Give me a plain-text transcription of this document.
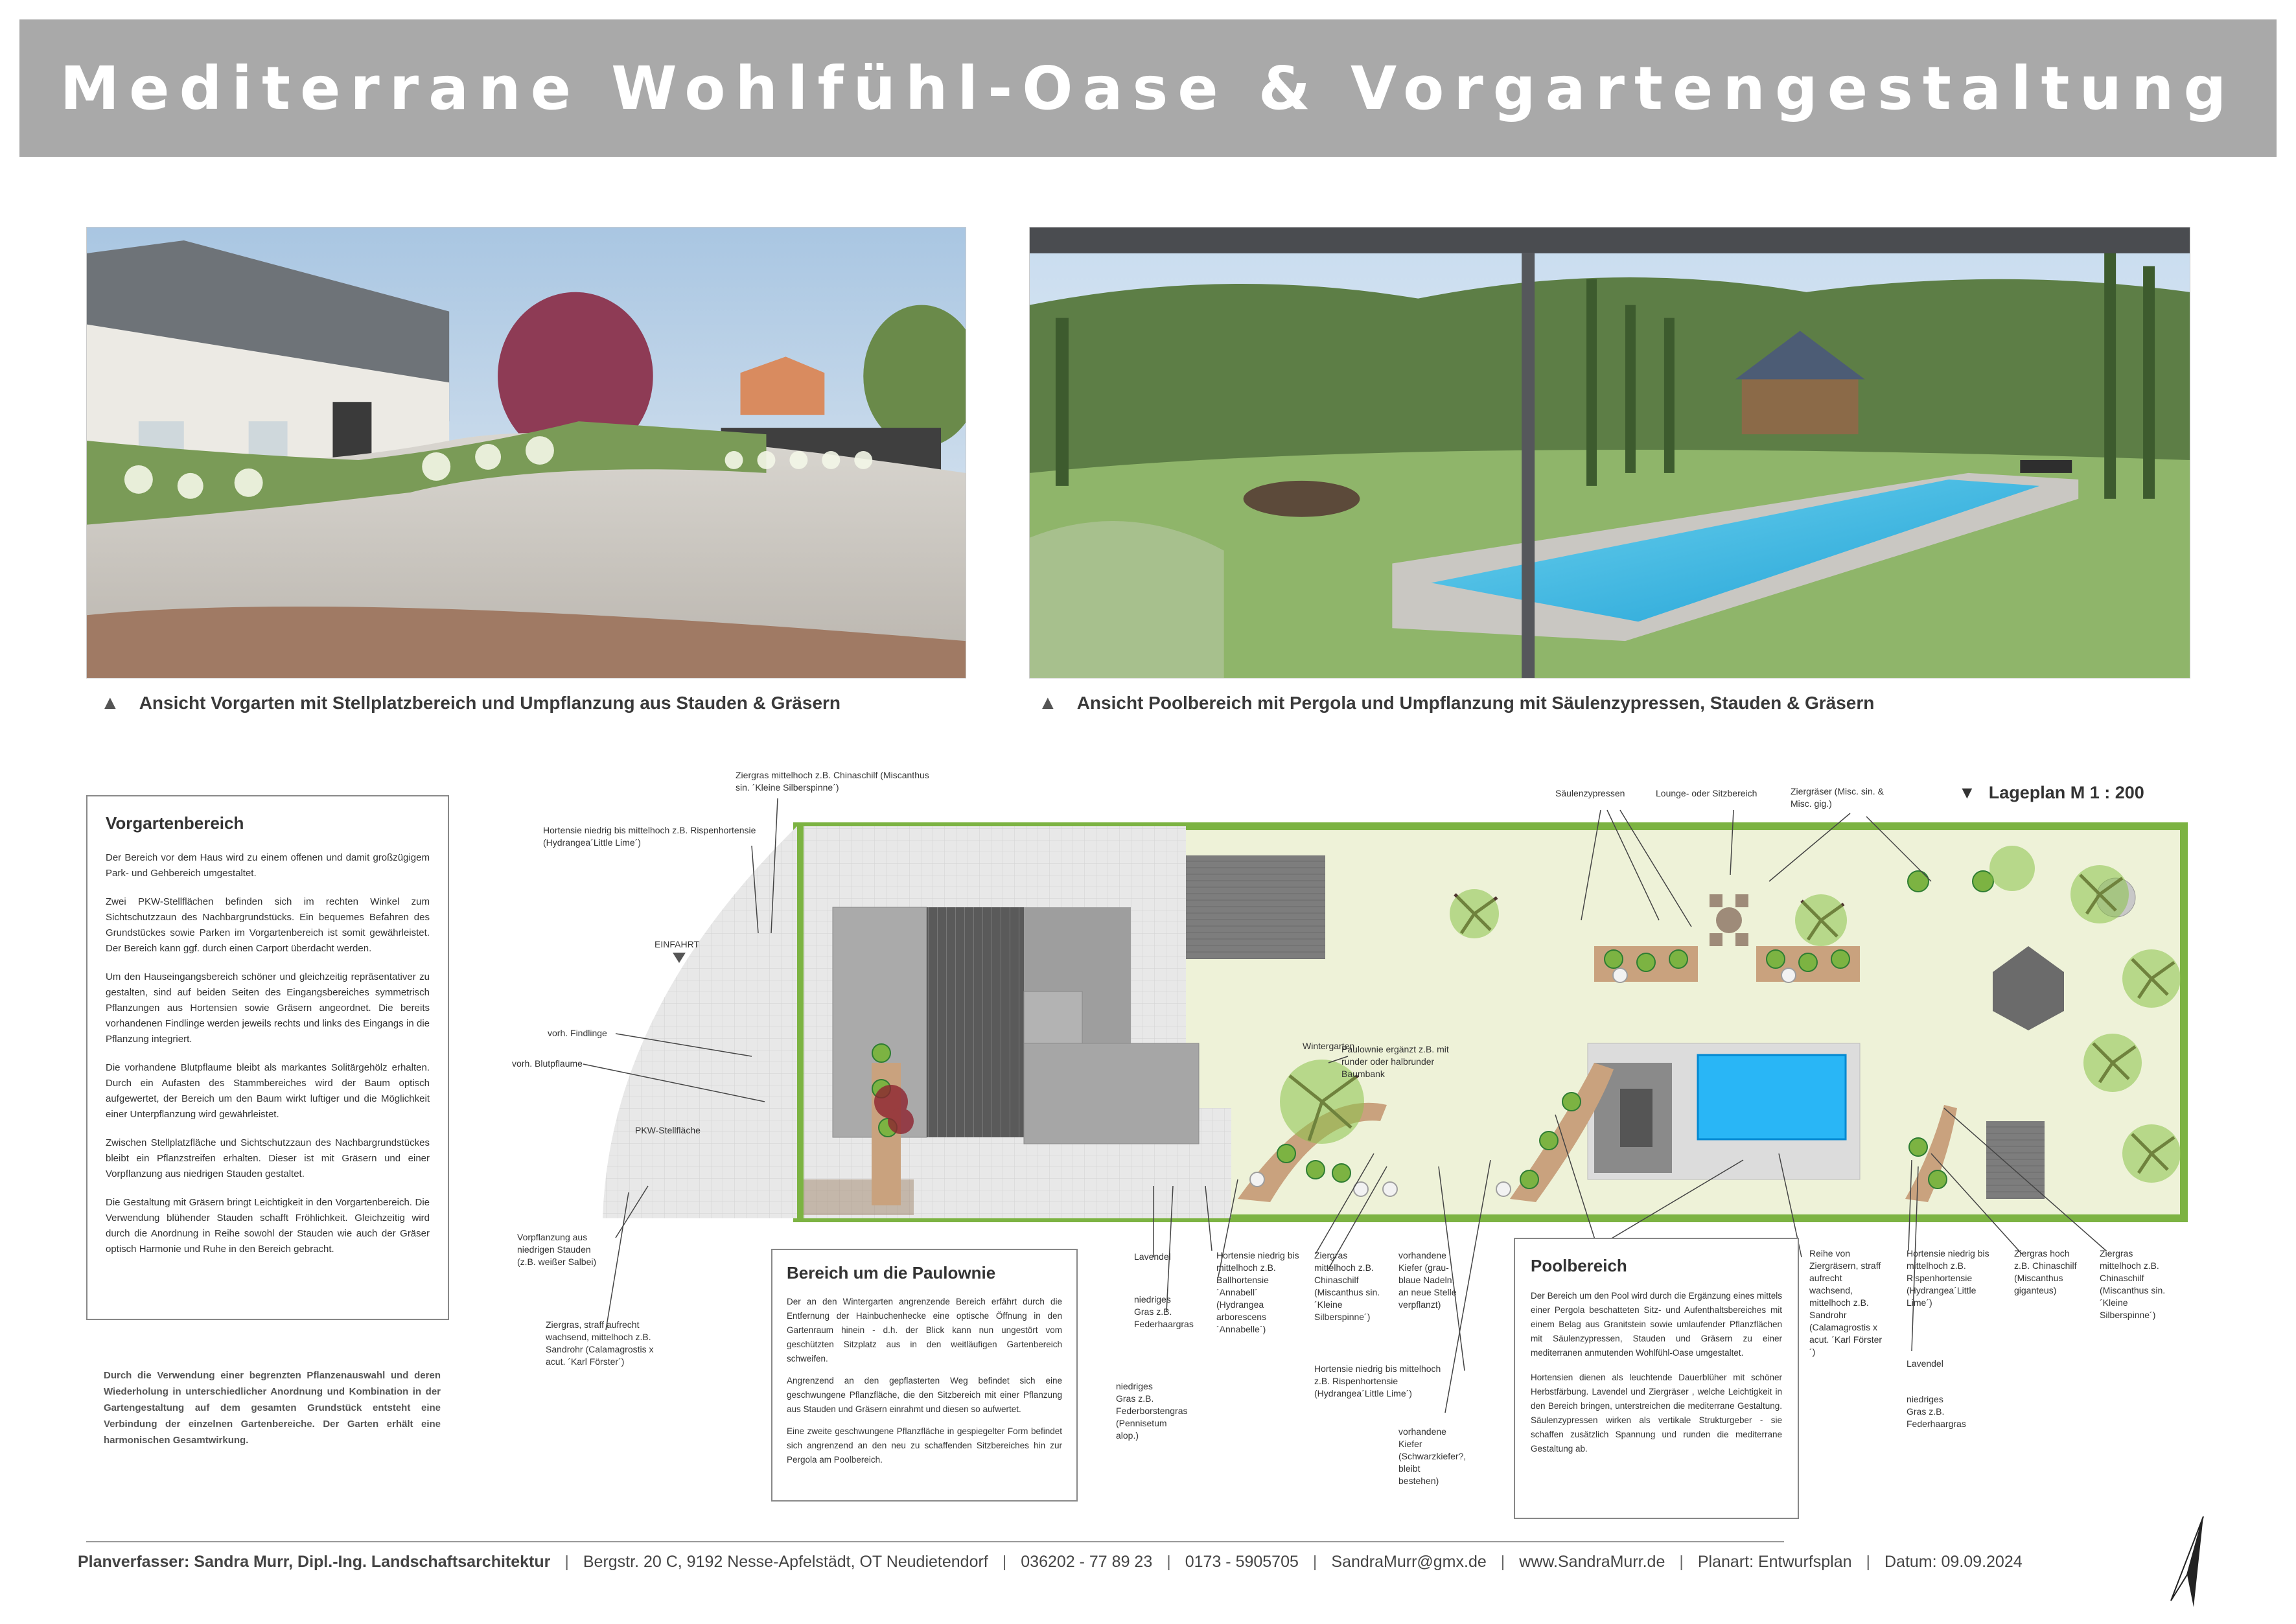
Mediterrane Wohlfühl-Oase & Vorgartengestaltung
▲ Ansicht Vorgarten mit Stellplatzbereich und Umpflanzung aus Stauden & Gräsern	▲ Ansicht Poolbereich mit Pergola und Umpflanzung mit Säulenzypressen, Stauden & Gräsern
Vorgartenbereich

Der Bereich vor dem Haus wird zu einem offenen und damit großzügigem Park- und Gehbereich umgestaltet.

Zwei PKW-Stellflächen befinden sich im rechten Winkel zum Sichtschutzzaun des Nachbargrundstücks. Ein bequemes Befahren des Grundstückes sowie Parken im Vorgartenbereich ist somit gewährleistet. Der Bereich kann ggf. durch einen Carport überdacht werden.

Um den Hauseingangsbereich schöner und gleichzeitig repräsentativer zu gestalten, sind auf beiden Seiten des Eingangsbereiches symmetrisch Pflanzungen aus Hortensien sowie Gräsern angeordnet. Die bereits vorhandenen Findlinge werden jeweils rechts und links des Eingangs in die Pflanzung integriert.

Die vorhandene Blutpflaume bleibt als markantes Solitärgehölz erhalten. Durch ein Aufasten des Stammbereiches wird der Baum optisch aufgewertet, der Bereich um den Baum wirkt luftiger und die Möglichkeit einer Unterpflanzung wird gewährleistet.

Zwischen Stellplatzfläche und Sichtschutzzaun des Nachbargrundstückes bleibt ein Pflanzstreifen erhalten. Dieser ist mit Gräsern und einer Vorpflanzung aus niedrigen Stauden gestaltet.

Die Gestaltung mit Gräsern bringt Leichtigkeit in den Vorgartenbereich. Die Verwendung blühender Stauden schafft Fröhlichkeit. Gleichzeitig wird durch die Anordnung in Reihe sowohl der Stauden wie auch der Gräser optisch Harmonie und Ruhe in den Bereich gebracht.

Durch die Verwendung einer begrenzten Pflanzenauswahl und deren Wiederholung in unterschiedlicher Anordnung und Kombination in der Gartengestaltung auf dem gesamten Grundstück entsteht eine Verbindung der einzelnen Gartenbereiche. Der Garten erhält eine harmonischen Gesamtwirkung.
▼ Lageplan M 1 : 200
Wintergarten
EINFAHRT
PKW-Stellfläche
Ziergras mittelhoch z.B. Chinaschilf (Miscanthus sin. ´Kleine Silberspinne´)
Hortensie niedrig bis mittelhoch z.B. Rispenhortensie (Hydrangea´Little Lime´)
vorh. Findlinge
vorh. Blutpflaume
Vorpflanzung aus niedrigen Stauden (z.B. weißer Salbei)
Ziergras, straff aufrecht wachsend, mittelhoch z.B. Sandrohr (Calamagrostis x acut. ´Karl Förster´)
Lavendel
niedriges Gras z.B. Federhaargras
niedriges Gras z.B. Federborstengras (Pennisetum alop.)
Hortensie niedrig bis mittelhoch z.B. Ballhortensie ´Annabell´ (Hydrangea arborescens ´Annabelle´)
Ziergras mittelhoch z.B. Chinaschilf (Miscanthus sin. ´Kleine Silberspinne´)
vorhandene Kiefer (grau-blaue Nadeln, an neue Stelle verpflanzt)
Hortensie niedrig bis mittelhoch z.B. Rispenhortensie (Hydrangea´Little Lime´)
vorhandene Kiefer (Schwarzkiefer?, bleibt bestehen)
Paulownie ergänzt z.B. mit runder oder halbrunder Baumbank
Säulenzypressen	Lounge- oder Sitzbereich	Ziergräser (Misc. sin. & Misc. gig.)
Reihe von Ziergräsern, straff aufrecht wachsend, mittelhoch z.B. Sandrohr (Calamagrostis x acut. ´Karl Förster´)
Hortensie niedrig bis mittelhoch z.B. Rispenhortensie (Hydrangea´Little Lime´)
Lavendel
niedriges Gras z.B. Federhaargras
Ziergras hoch z.B. Chinaschilf (Miscanthus giganteus)
Ziergras mittelhoch z.B. Chinaschilf (Miscanthus sin. ´Kleine Silberspinne´)
Bereich um die Paulownie

Der an den Wintergarten angrenzende Bereich erfährt durch die Entfernung der Hainbuchenhecke eine optische Öffnung in den Gartenraum hinein - d.h. der Blick kann nun ungestört vom geschützten Sitzplatz aus in den weitläufigen Gartenbereich schweifen.

Angrenzend an den gepflasterten Weg befindet sich eine geschwungene Pflanzfläche, die den Sitzbereich mit einer Pflanzung aus Stauden und Gräsern einrahmt und diesen so aufwertet.

Eine zweite geschwungene Pflanzfläche in gespiegelter Form befindet sich angrenzend an den neu zu schaffenden Sitzbereiches hin zur Pergola am Poolbereich.

Poolbereich

Der Bereich um den Pool wird durch die Ergänzung eines mittels einer Pergola beschatteten Sitz- und Aufenthaltsbereiches mit einem Belag aus Granitstein sowie umlaufender Pflanzflächen mit Säulenzypressen, Stauden und Gräsern zu einer mediterranen anmutenden Wohlfühl-Oase umgestaltet.

Hortensien dienen als leuchtende Dauerblüher mit schöner Herbstfärbung. Lavendel und Ziergräser , welche Leichtigkeit in den Bereich bringen, unterstreichen die mediterrane Gestaltung. Säulenzypressen wirken als vertikale Strukturgeber - sie schaffen zusätzlich Spannung und runden die mediterrane Gestaltung ab.

Planverfasser: Sandra Murr, Dipl.-Ing. Landschaftsarchitektur | Bergstr. 20 C, 9192 Nesse-Apfelstädt, OT Neudietendorf | 036202 - 77 89 23 | 0173 - 5905705 | SandraMurr@gmx.de | www.SandraMurr.de | Planart: Entwurfsplan | Datum: 09.09.2024
